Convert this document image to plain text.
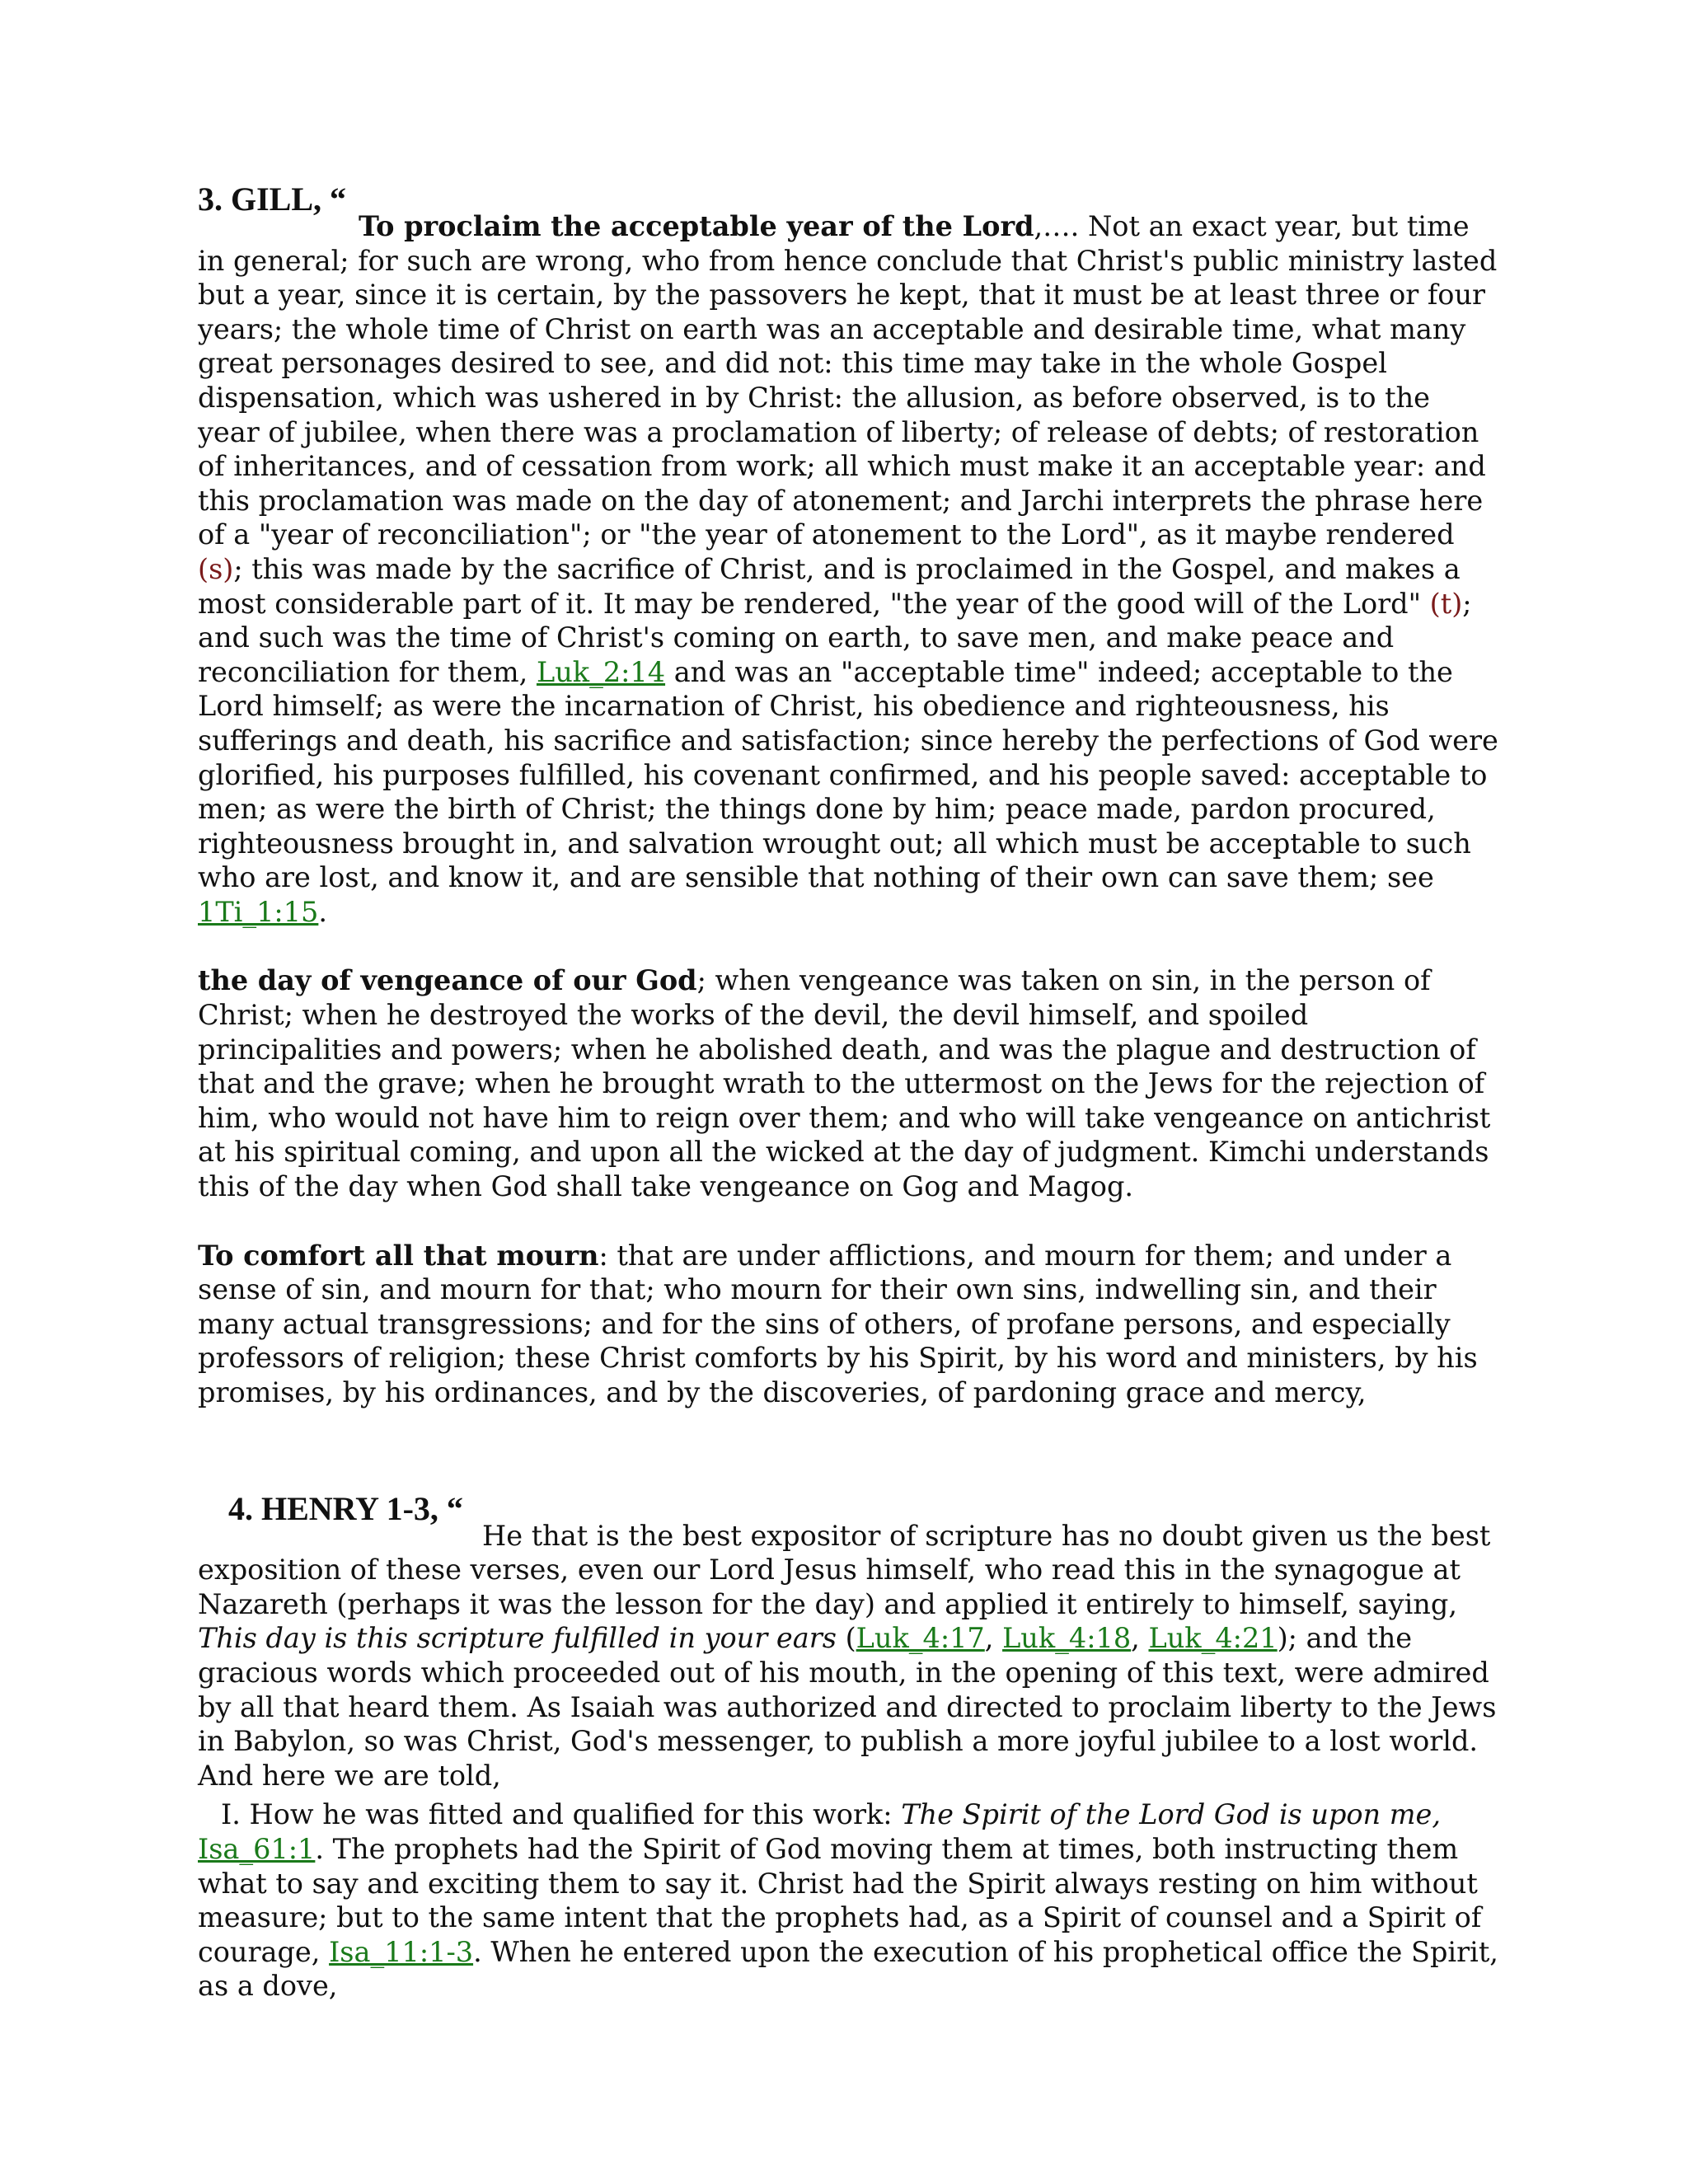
3. GILL, “

To proclaim the acceptable year of the Lord,…. Not an exact year, but time in general; for such are wrong, who from hence conclude that Christ's public ministry lasted but a year, since it is certain, by the passovers he kept, that it must be at least three or four years; the whole time of Christ on earth was an acceptable and desirable time, what many great personages desired to see, and did not: this time may take in the whole Gospel dispensation, which was ushered in by Christ: the allusion, as before observed, is to the year of jubilee, when there was a proclamation of liberty; of release of debts; of restoration of inheritances, and of cessation from work; all which must make it an acceptable year: and this proclamation was made on the day of atonement; and Jarchi interprets the phrase here of a "year of reconciliation"; or "the year of atonement to the Lord", as it maybe rendered (s); this was made by the sacrifice of Christ, and is proclaimed in the Gospel, and makes a most considerable part of it. It may be rendered, "the year of the good will of the Lord" (t); and such was the time of Christ's coming on earth, to save men, and make peace and reconciliation for them, Luk_2:14 and was an "acceptable time" indeed; acceptable to the Lord himself; as were the incarnation of Christ, his obedience and righteousness, his sufferings and death, his sacrifice and satisfaction; since hereby the perfections of God were glorified, his purposes fulfilled, his covenant confirmed, and his people saved: acceptable to men; as were the birth of Christ; the things done by him; peace made, pardon procured, righteousness brought in, and salvation wrought out; all which must be acceptable to such who are lost, and know it, and are sensible that nothing of their own can save them; see 1Ti_1:15.

the day of vengeance of our God; when vengeance was taken on sin, in the person of Christ; when he destroyed the works of the devil, the devil himself, and spoiled principalities and powers; when he abolished death, and was the plague and destruction of that and the grave; when he brought wrath to the uttermost on the Jews for the rejection of him, who would not have him to reign over them; and who will take vengeance on antichrist at his spiritual coming, and upon all the wicked at the day of judgment. Kimchi understands this of the day when God shall take vengeance on Gog and Magog.

To comfort all that mourn: that are under afflictions, and mourn for them; and under a sense of sin, and mourn for that; who mourn for their own sins, indwelling sin, and their many actual transgressions; and for the sins of others, of profane persons, and especially professors of religion; these Christ comforts by his Spirit, by his word and ministers, by his promises, by his ordinances, and by the discoveries, of pardoning grace and mercy,

4. HENRY 1-3, “

He that is the best expositor of scripture has no doubt given us the best exposition of these verses, even our Lord Jesus himself, who read this in the synagogue at Nazareth (perhaps it was the lesson for the day) and applied it entirely to himself, saying, This day is this scripture fulfilled in your ears (Luk_4:17, Luk_4:18, Luk_4:21); and the gracious words which proceeded out of his mouth, in the opening of this text, were admired by all that heard them. As Isaiah was authorized and directed to proclaim liberty to the Jews in Babylon, so was Christ, God's messenger, to publish a more joyful jubilee to a lost world. And here we are told,

I. How he was fitted and qualified for this work: The Spirit of the Lord God is upon me, Isa_61:1. The prophets had the Spirit of God moving them at times, both instructing them what to say and exciting them to say it. Christ had the Spirit always resting on him without measure; but to the same intent that the prophets had, as a Spirit of counsel and a Spirit of courage, Isa_11:1-3. When he entered upon the execution of his prophetical office the Spirit, as a dove,
